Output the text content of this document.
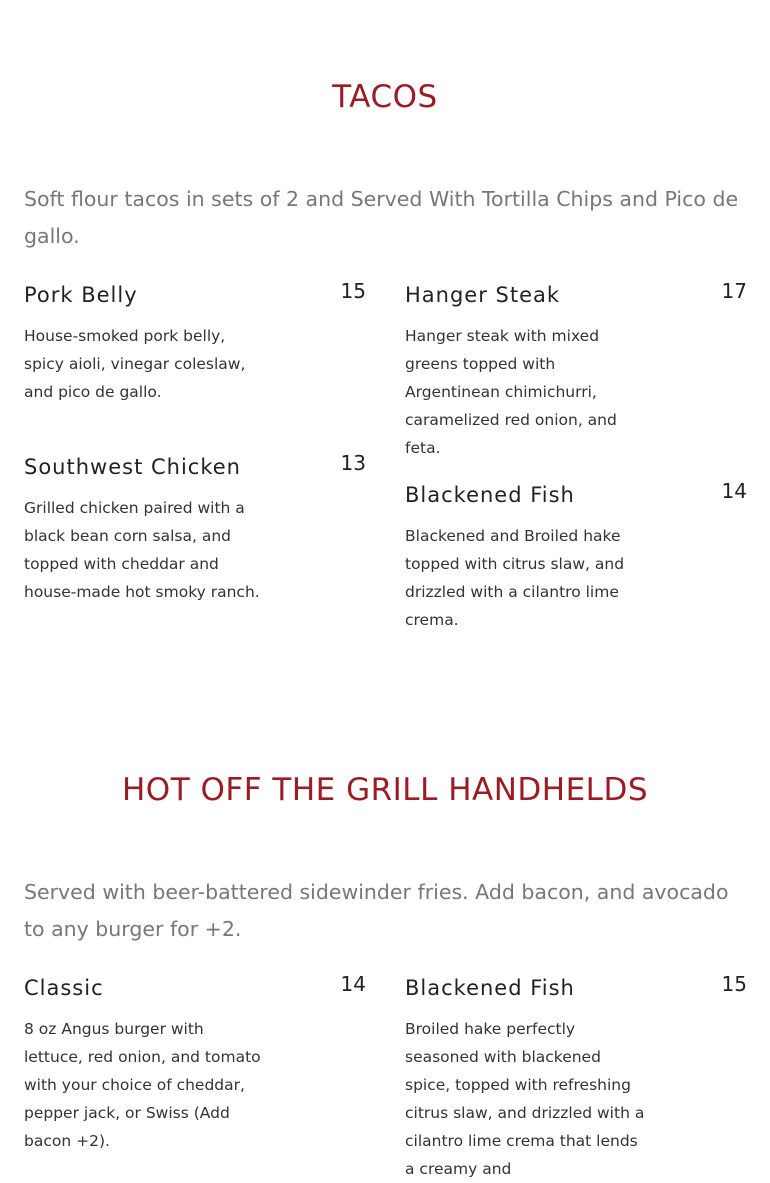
TACOS

Soft flour tacos in sets of 2 and Served With Tortilla Chips and Pico de gallo.

Pork Belly	15
House-smoked pork belly, spicy aioli, vinegar coleslaw, and pico de gallo.
Hanger Steak	17
Hanger steak with mixed greens topped with Argentinean chimichurri, caramelized red onion, and feta.
Southwest Chicken	13
Grilled chicken paired with a black bean corn salsa, and topped with cheddar and house-made hot smoky ranch.
Blackened Fish	14
Blackened and Broiled hake topped with citrus slaw, and drizzled with a cilantro lime crema.
HOT OFF THE GRILL HANDHELDS

Served with beer-battered sidewinder fries. Add bacon, and avocado to any burger for +2.

Classic	14
8 oz Angus burger with lettuce, red onion, and tomato with your choice of cheddar, pepper jack, or Swiss (Add bacon +2).
Blackened Fish	15
Broiled hake perfectly seasoned with blackened spice, topped with refreshing citrus slaw, and drizzled with a cilantro lime crema that lends a creamy and
